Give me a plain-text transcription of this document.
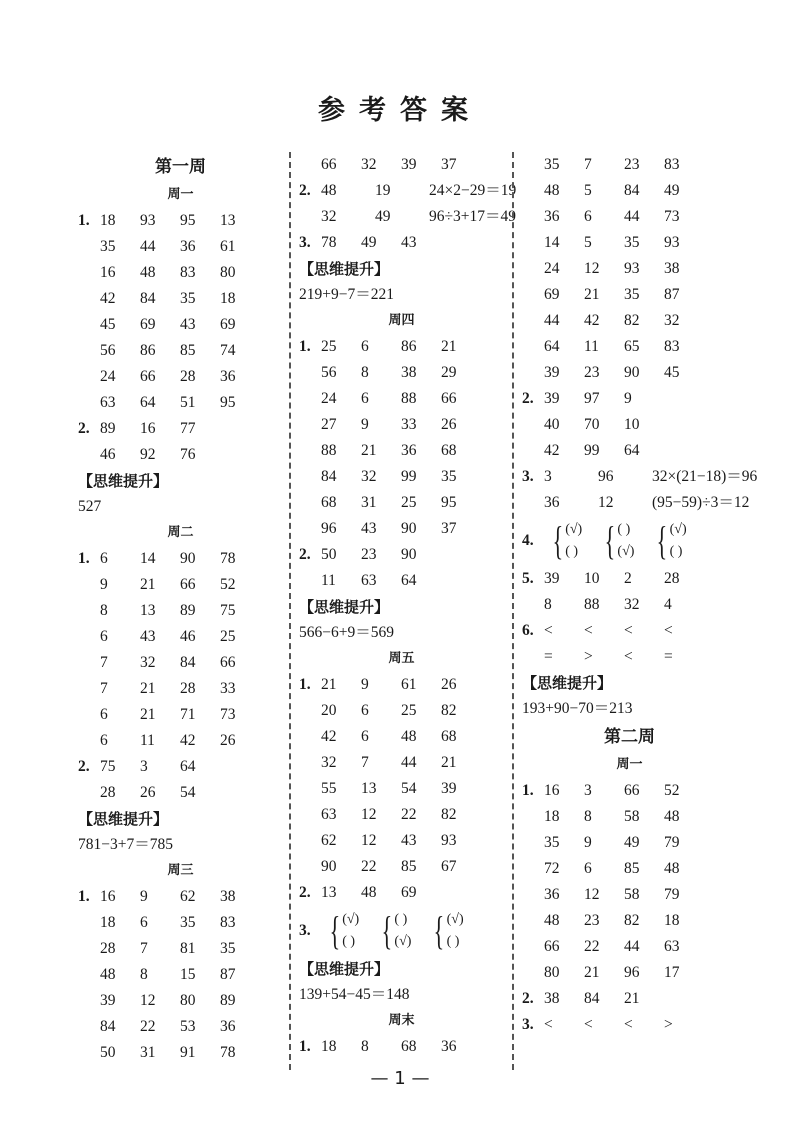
参考答案
第一周
周一
1. 18 93 95 13
35 44 36 61
16 48 83 80
42 84 35 18
45 69 43 69
56 86 85 74
24 66 28 36
63 64 51 95
2. 89 16 77
46 92 76
【思维提升】
527
周二
1. 6 14 90 78
9 21 66 52
8 13 89 75
6 43 46 25
7 32 84 66
7 21 28 33
6 21 71 73
6 11 42 26
2. 75 3 64
28 26 54
【思维提升】
781−3+7＝785
周三
1. 16 9 62 38
18 6 35 83
28 7 81 35
48 8 15 87
39 12 80 89
84 22 53 36
50 31 91 78
66 32 39 37
2. 48 19 24×2−29＝19
32 49 96÷3+17＝49
3. 78 49 43
【思维提升】
219+9−7＝221
周四
1. 25 6 86 21
56 8 38 29
24 6 88 66
27 9 33 26
88 21 36 68
84 32 99 35
68 31 25 95
96 43 90 37
2. 50 23 90
11 63 64
【思维提升】
566−6+9＝569
周五
1. 21 9 61 26
20 6 25 82
42 6 48 68
32 7 44 21
55 13 54 39
63 12 22 82
62 12 43 93
90 22 85 67
2. 13 48 69
3. { (√)
( ) { ( )
(√) { (√)
( )
【思维提升】
139+54−45＝148
周末
1. 18 8 68 36
35 7 23 83
48 5 84 49
36 6 44 73
14 5 35 93
24 12 93 38
69 21 35 87
44 42 82 32
64 11 65 83
39 23 90 45
2. 39 97 9
40 70 10
42 99 64
3. 3	96 32×(21−18)＝96
36 12 (95−59)÷3＝12
4. { (√)
( ) { ( )
(√) { (√)
( )
5. 39 10 2 28
8 88 32 4
6. < < < <
= > < =
【思维提升】
193+90−70＝213
第二周
周一
1. 16 3 66 52
18 8 58 48
35 9 49 79
72 6 85 48
36 12 58 79
48 23 82 18
66 22 44 63
80 21 96 17
2. 38 84 21
3. < < < >
— 1 —
